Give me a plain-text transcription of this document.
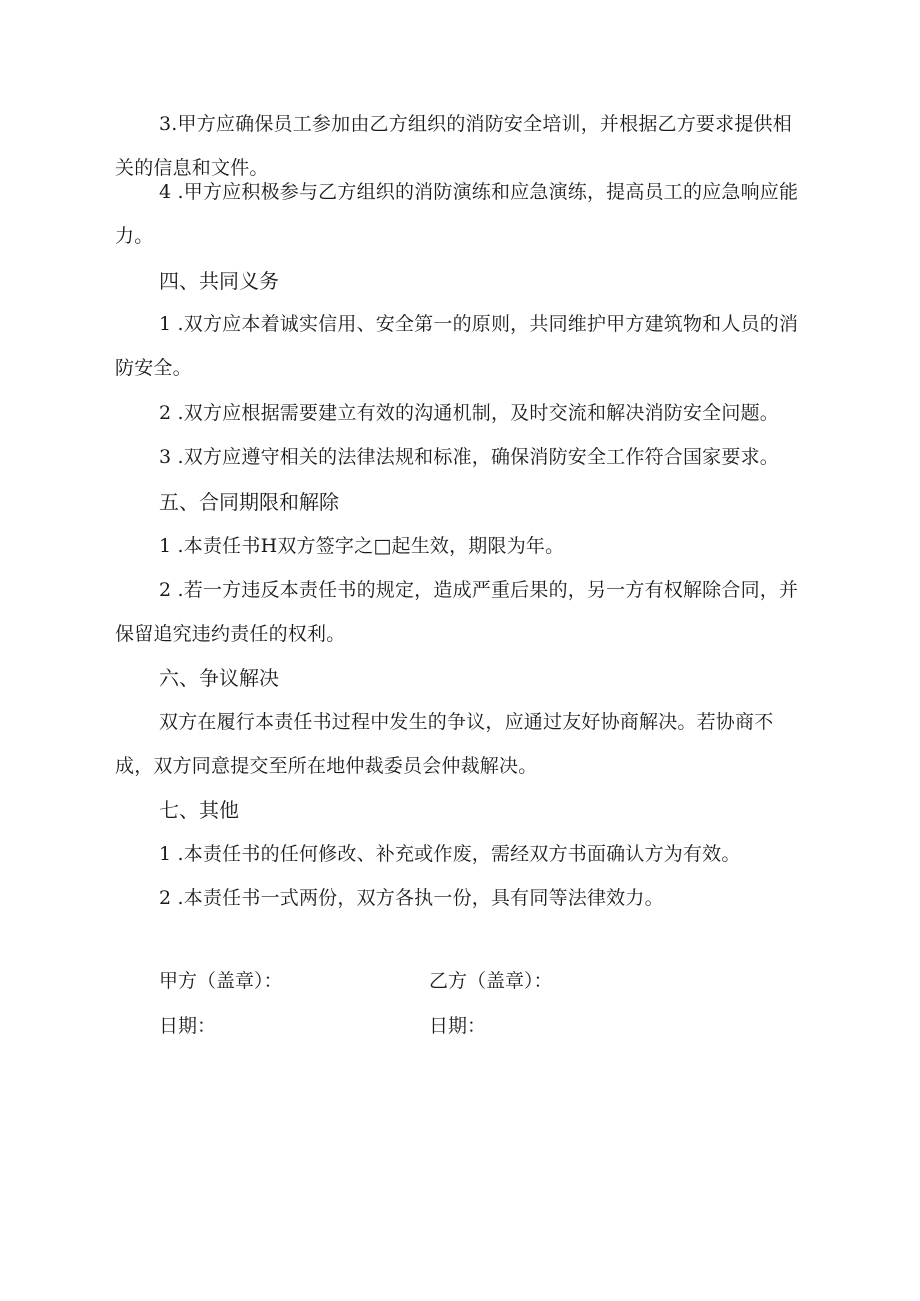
3.甲方应确保员工参加由乙方组织的消防安全培训，并根据乙方要求提供相关的信息和文件。

4 .甲方应积极参与乙方组织的消防演练和应急演练，提高员工的应急响应能力。

四、共同义务

1 .双方应本着诚实信用、安全第一的原则，共同维护甲方建筑物和人员的消防安全。

2 .双方应根据需要建立有效的沟通机制，及时交流和解决消防安全问题。

3 .双方应遵守相关的法律法规和标准，确保消防安全工作符合国家要求。

五、合同期限和解除

1 .本责任书H双方签字之□起生效，期限为年。

2 .若一方违反本责任书的规定，造成严重后果的，另一方有权解除合同，并保留追究违约责任的权利。

六、争议解决

双方在履行本责任书过程中发生的争议，应通过友好协商解决。若协商不成，双方同意提交至所在地仲裁委员会仲裁解决。

七、其他

1 .本责任书的任何修改、补充或作废，需经双方书面确认方为有效。

2 .本责任书一式两份，双方各执一份，具有同等法律效力。

甲方（盖章）：	乙方（盖章）：
日期：	日期：
